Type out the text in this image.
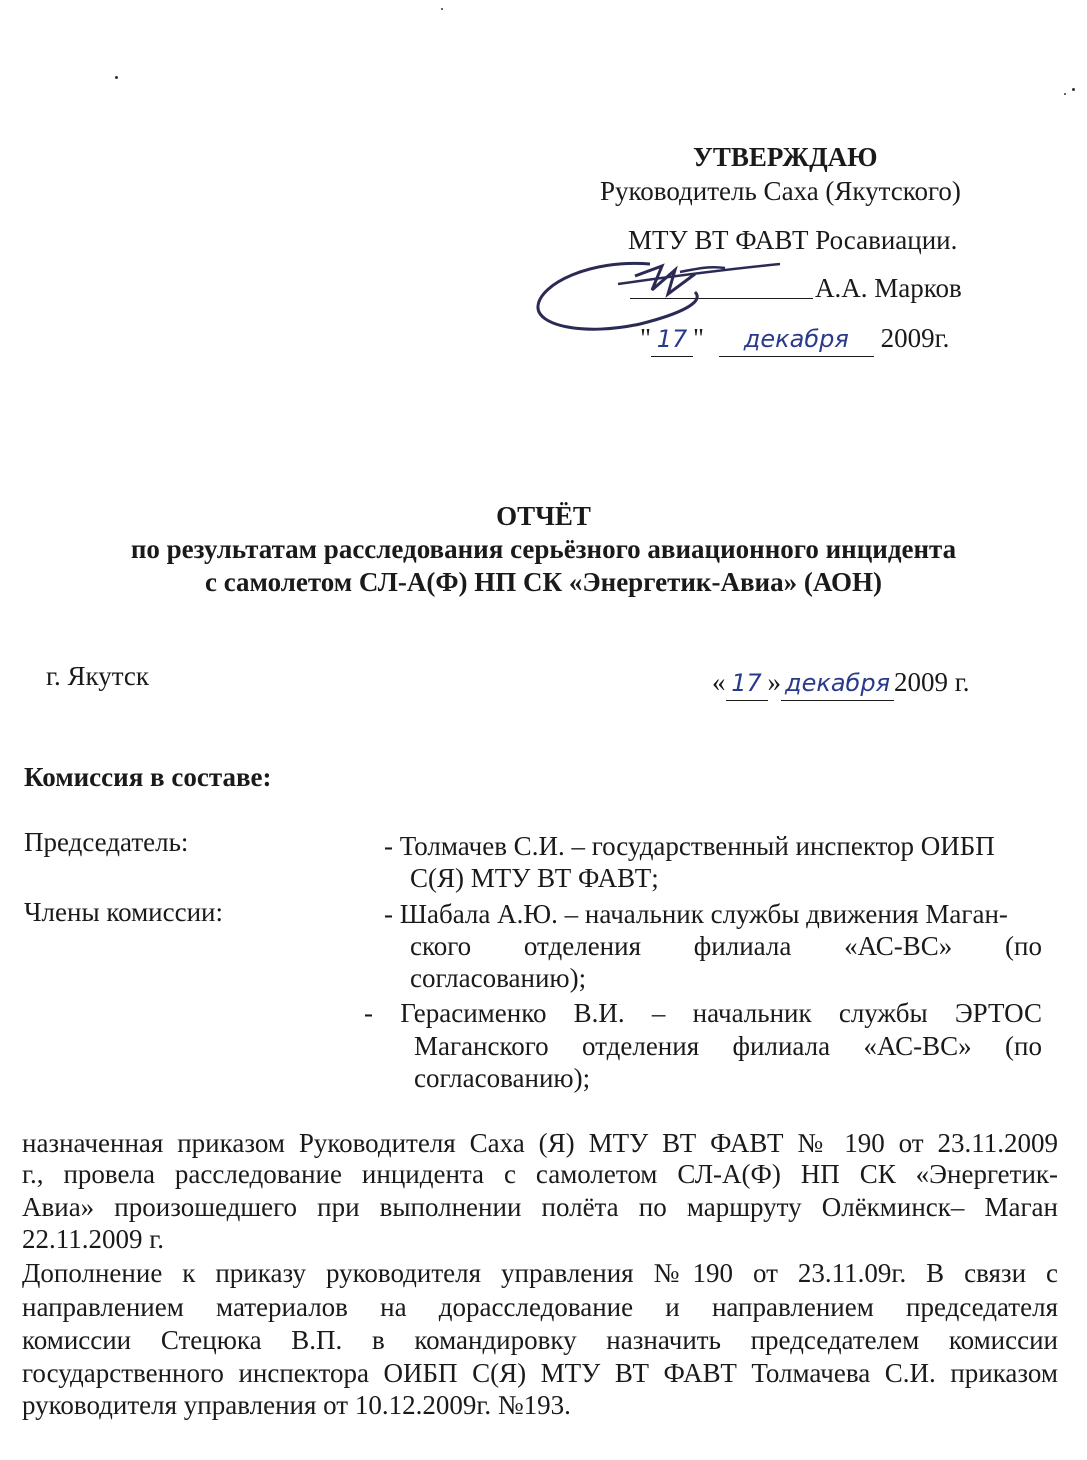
УТВЕРЖДАЮ
Руководитель Саха (Якутского)
МТУ ВТ ФАВТ Росавиации.
А.А. Марков
" 17 " декабря 2009г.
ОТЧЁТ
по результатам расследования серьёзного авиационного инцидента
с самолетом СЛ-А(Ф) НП СК «Энергетик-Авиа» (АОН)
г. Якутск	« 17 » декабря 2009 г.
Комиссия в составе:
Председатель:	- Толмачев С.И. – государственный инспектор ОИБП
С(Я) МТУ ВТ ФАВТ;
Члены комиссии:	- Шабала А.Ю. – начальник службы движения Маган-
ского отделения филиала «АС-ВС» (по
согласованию);
- Герасименко В.И. – начальник службы ЭРТОС
Маганского отделения филиала «АС-ВС» (по
согласованию);
назначенная приказом Руководителя Саха (Я) МТУ ВТ ФАВТ № 190 от 23.11.2009
г., провела расследование инцидента с самолетом СЛ-А(Ф) НП СК «Энергетик-
Авиа» произошедшего при выполнении полёта по маршруту Олёкминск– Маган
22.11.2009 г.
Дополнение к приказу руководителя управления №190 от 23.11.09г. В связи с
направлением материалов на дорасследование и направлением председателя
комиссии Стецюка В.П. в командировку назначить председателем комиссии
государственного инспектора ОИБП С(Я) МТУ ВТ ФАВТ Толмачева С.И. приказом
руководителя управления от 10.12.2009г. №193.
